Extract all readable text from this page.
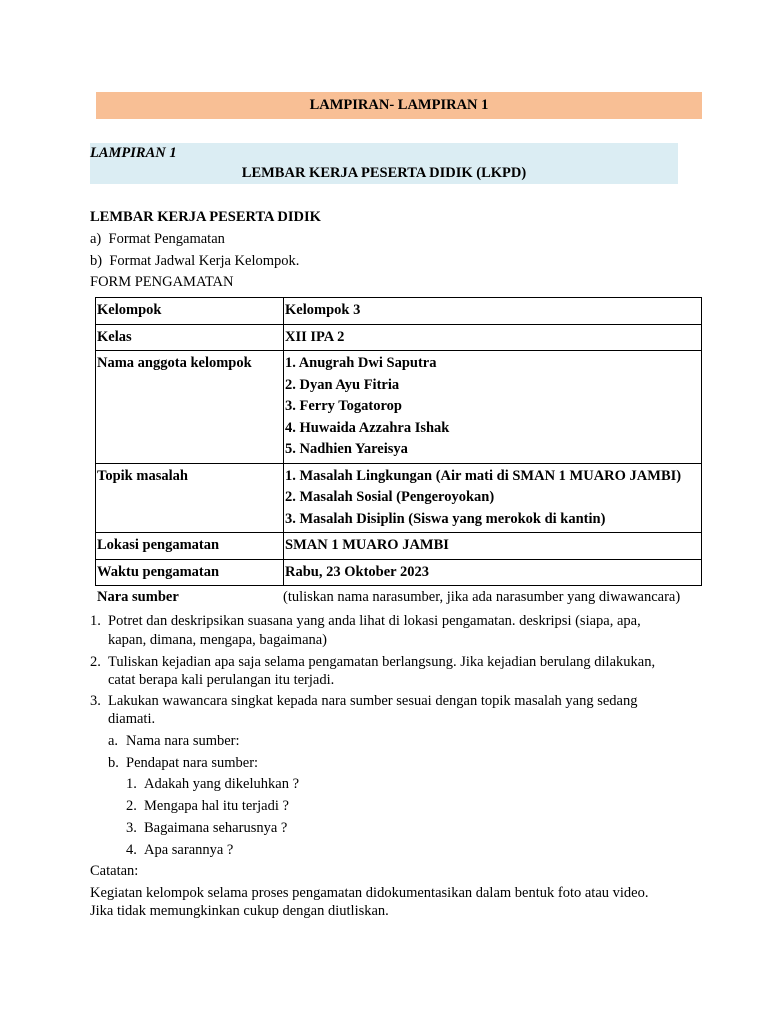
LAMPIRAN- LAMPIRAN 1
LAMPIRAN 1
LEMBAR KERJA PESERTA DIDIK (LKPD)
LEMBAR KERJA PESERTA DIDIK
a) Format Pengamatan
b) Format Jadwal Kerja Kelompok.
FORM PENGAMATAN
Kelompok	Kelompok 3
Kelas	XII IPA 2
Nama anggota kelompok	1. Anugrah Dwi Saputra
2. Dyan Ayu Fitria
3. Ferry Togatorop
4. Huwaida Azzahra Ishak
5. Nadhien Yareisya

Topik masalah	1. Masalah Lingkungan (Air mati di SMAN 1 MUARO JAMBI)
2. Masalah Sosial (Pengeroyokan)
3. Masalah Disiplin (Siswa yang merokok di kantin)

Lokasi pengamatan	SMAN 1 MUARO JAMBI
Waktu pengamatan	Rabu, 23 Oktober 2023
Nara sumber	(tuliskan nama narasumber, jika ada narasumber yang diwawancara)
1. Potret dan deskripsikan suasana yang anda lihat di lokasi pengamatan. deskripsi (siapa, apa,
kapan, dimana, mengapa, bagaimana)
2. Tuliskan kejadian apa saja selama pengamatan berlangsung. Jika kejadian berulang dilakukan,
catat berapa kali perulangan itu terjadi.
3. Lakukan wawancara singkat kepada nara sumber sesuai dengan topik masalah yang sedang
diamati.
a. Nama nara sumber:
b. Pendapat nara sumber:
1. Adakah yang dikeluhkan ?
2. Mengapa hal itu terjadi ?
3. Bagaimana seharusnya ?
4. Apa sarannya ?
Catatan:
Kegiatan kelompok selama proses pengamatan didokumentasikan dalam bentuk foto atau video.
Jika tidak memungkinkan cukup dengan diutliskan.
